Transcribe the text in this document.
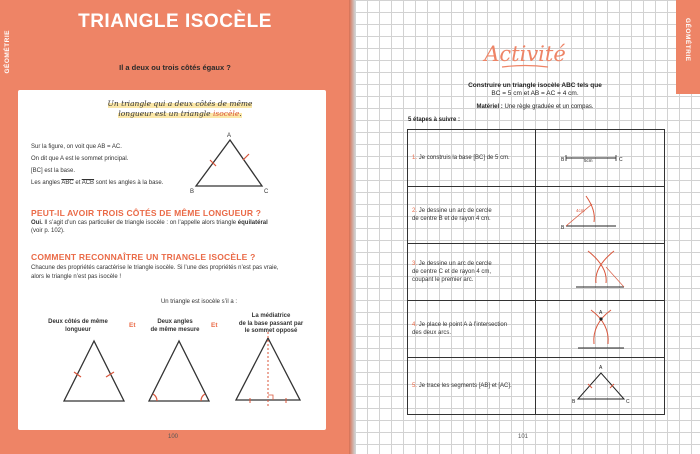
GÉOMÉTRIE
TRIANGLE ISOCÈLE
Il a deux ou trois côtés égaux ?
Un triangle qui a deux côtés de même
longueur est un triangle isocèle.
Sur la figure, on voit que AB = AC.
On dit que A est le sommet principal.
[BC] est la base.
Les angles $\overline{ABC}$ et $\overline{ACB}$ sont les angles à la base.
A
B	C
PEUT-IL AVOIR TROIS CÔTÉS DE MÊME LONGUEUR ?
Oui. Il s’agit d’un cas particulier de triangle isocèle : on l’appelle alors triangle équilatéral
(voir p. 102).
COMMENT RECONNAÎTRE UN TRIANGLE ISOCÈLE ?
Chacune des propriétés caractérise le triangle isocèle. Si l’une des propriétés n’est pas vraie,
alors le triangle n’est pas isocèle !
Un triangle est isocèle s’il a :
Deux côtés de même
longueur
Et	Deux angles
de même mesure
Et
La médiatrice
de la base passant par
le sommet opposé
100
GÉOMÉTRIE
Activité
Construire un triangle isocèle ABC tels que
BC = 5 cm et AB = AC = 4 cm.
Matériel : Une règle graduée et un compas.
5 étapes à suivre :
1. Je construis la base [BC] de 5 cm.	B C
5cm

2. Je dessine un arc de cercle
de centre B et de rayon 4 cm.	B
4cm

3. Je dessine un arc de cercle
de centre C et de rayon 4 cm,
coupant le premier arc.	

4. Je place le point A à l’intersection
des deux arcs.	A

5. Je trace les segments [AB] et [AC].	A
B C
101
